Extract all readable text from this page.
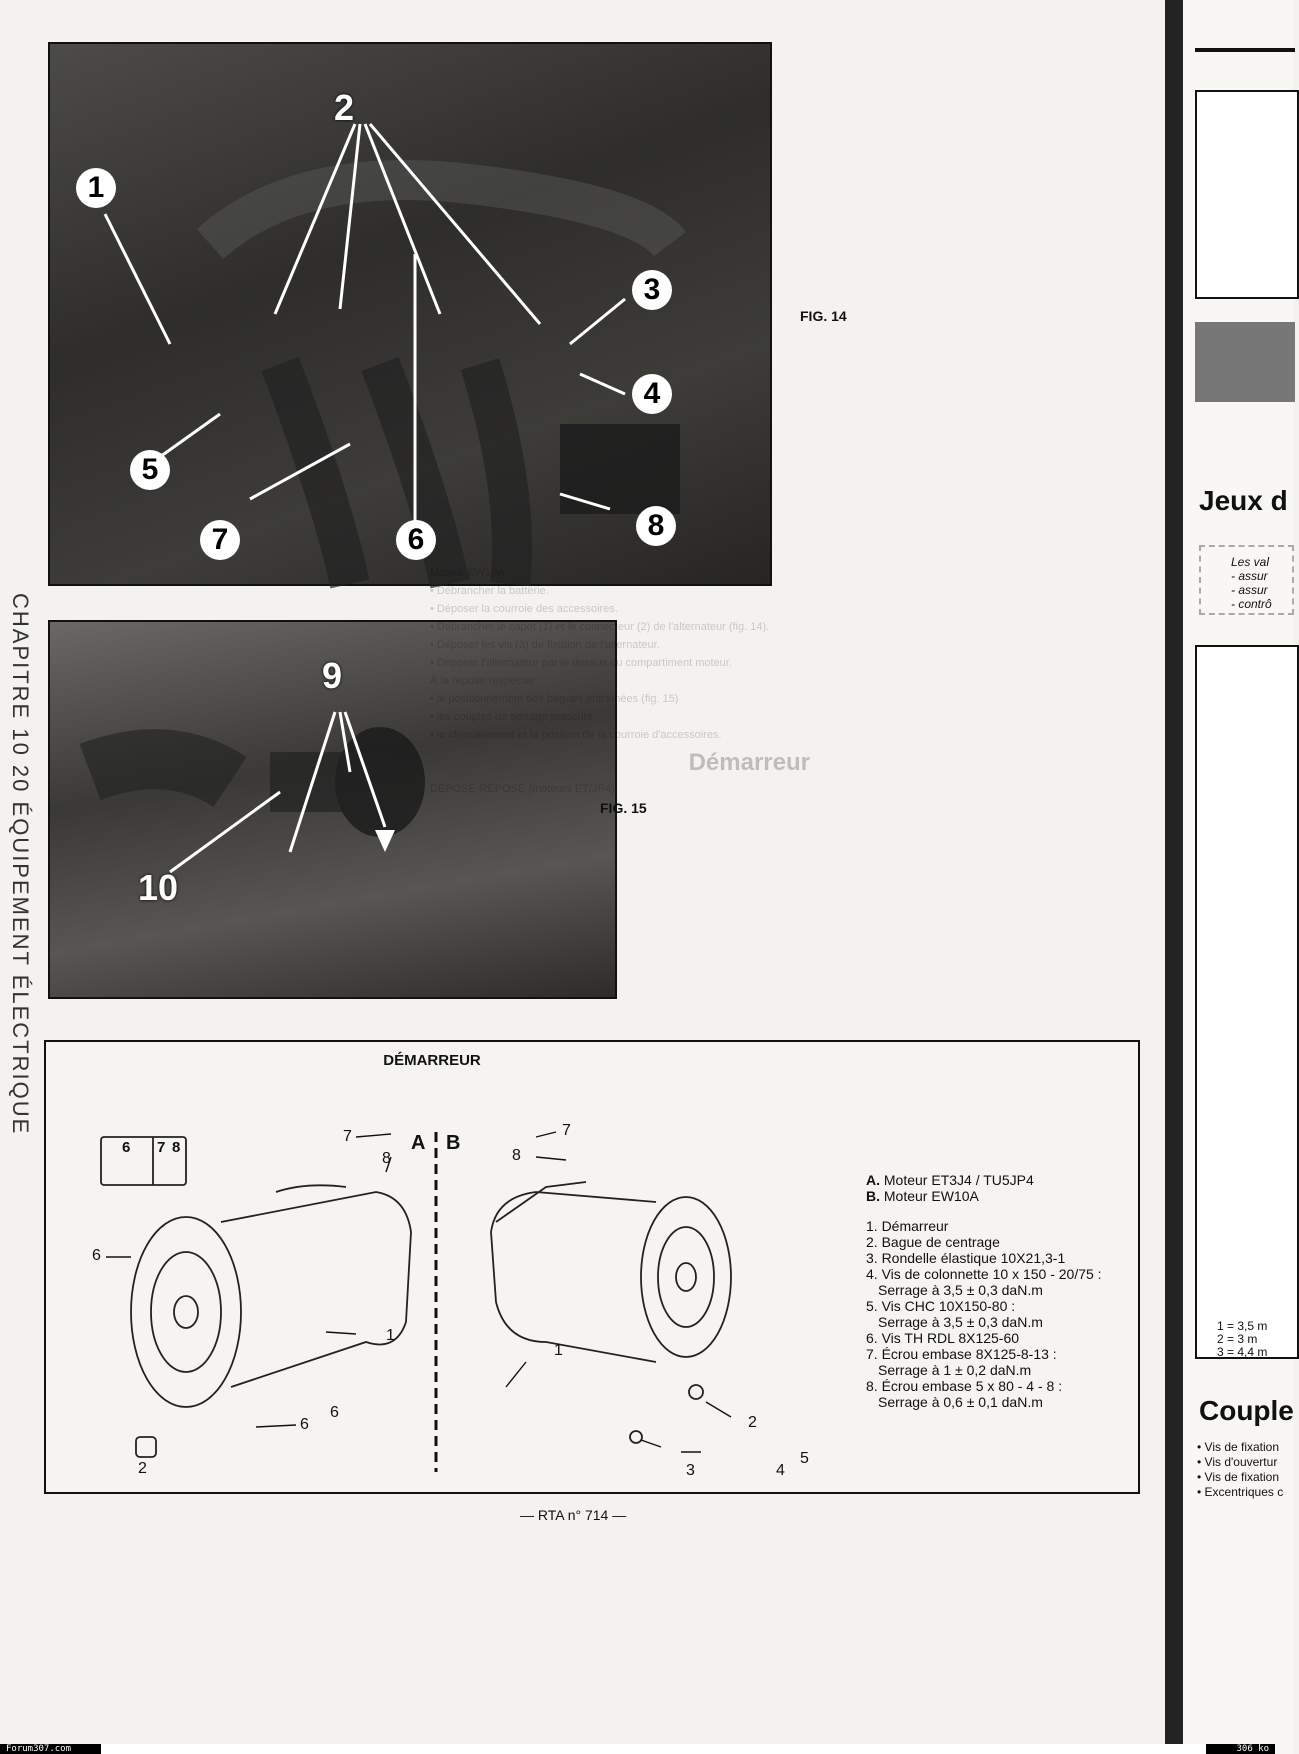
CHAPITRE 10 20 ÉQUIPEMENT ÉLECTRIQUE
1
2
3
4
5
6
7	8
FIG. 14
9
10
FIG. 15

Moteur EW10A

• Débrancher la batterie.

• Déposer la courroie des accessoires.

• Débrancher le capot (1) et le connecteur (2) de l'alternateur (fig. 14).

• Déposer les vis (3) de fixation de l'alternateur.

• Déposer l'alternateur par le dessus du compartiment moteur.

À la repose respecter :

• le positionnement des bagues entraînées (fig. 15)

• les couples de serrage prescrits.

• le cheminement et la position de la courroie d'accessoires.

Démarreur

DÉPOSE-REPOSE (moteurs ET/JP4)

DÉMARREUR
A B
6 7 8
7
8
6
1
6
6
2
7
8
1
2
5
3	4

A. Moteur ET3J4 / TU5JP4

B. Moteur EW10A

1. Démarreur

2. Bague de centrage

3. Rondelle élastique 10X21,3-1

4. Vis de colonnette 10 x 150 - 20/75 :

Serrage à 3,5 ± 0,3 daN.m

5. Vis CHC 10X150-80 :

Serrage à 3,5 ± 0,3 daN.m

6. Vis TH RDL 8X125-60

7. Écrou embase 8X125-8-13 :

Serrage à 1 ± 0,2 daN.m

8. Écrou embase 5 x 80 - 4 - 8 :

Serrage à 0,6 ± 0,1 daN.m

— RTA n° 714 —
Jeux d
Les val
- assur
- assur
- contrô
1 = 3,5 m
2 = 3 m
3 = 4,4 m
Couple
• Vis de fixation
• Vis d'ouvertur
• Vis de fixation
• Excentriques c
Forum307.com	306 ko
